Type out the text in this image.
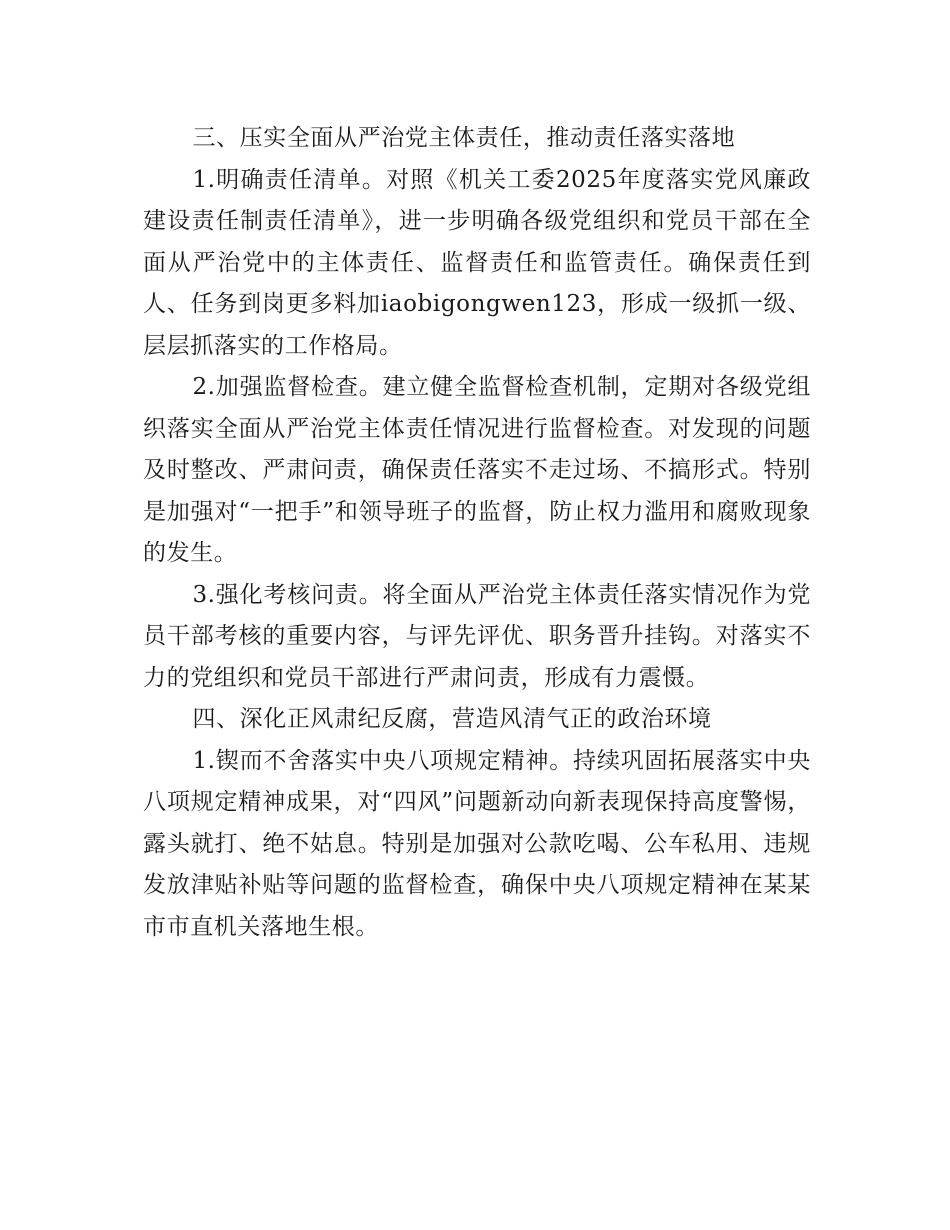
三、压实全面从严治党主体责任，推动责任落实落地

1.明确责任清单。对照《机关工委2025年度落实党风廉政建设责任制责任清单》，进一步明确各级党组织和党员干部在全面从严治党中的主体责任、监督责任和监管责任。确保责任到人、任务到岗更多料加iaobigongwen123，形成一级抓一级、层层抓落实的工作格局。

2.加强监督检查。建立健全监督检查机制，定期对各级党组织落实全面从严治党主体责任情况进行监督检查。对发现的问题及时整改、严肃问责，确保责任落实不走过场、不搞形式。特别是加强对“一把手”和领导班子的监督，防止权力滥用和腐败现象的发生。

3.强化考核问责。将全面从严治党主体责任落实情况作为党员干部考核的重要内容，与评先评优、职务晋升挂钩。对落实不力的党组织和党员干部进行严肃问责，形成有力震慑。

四、深化正风肃纪反腐，营造风清气正的政治环境

1.锲而不舍落实中央八项规定精神。持续巩固拓展落实中央八项规定精神成果，对“四风”问题新动向新表现保持高度警惕，露头就打、绝不姑息。特别是加强对公款吃喝、公车私用、违规发放津贴补贴等问题的监督检查，确保中央八项规定精神在某某市市直机关落地生根。
